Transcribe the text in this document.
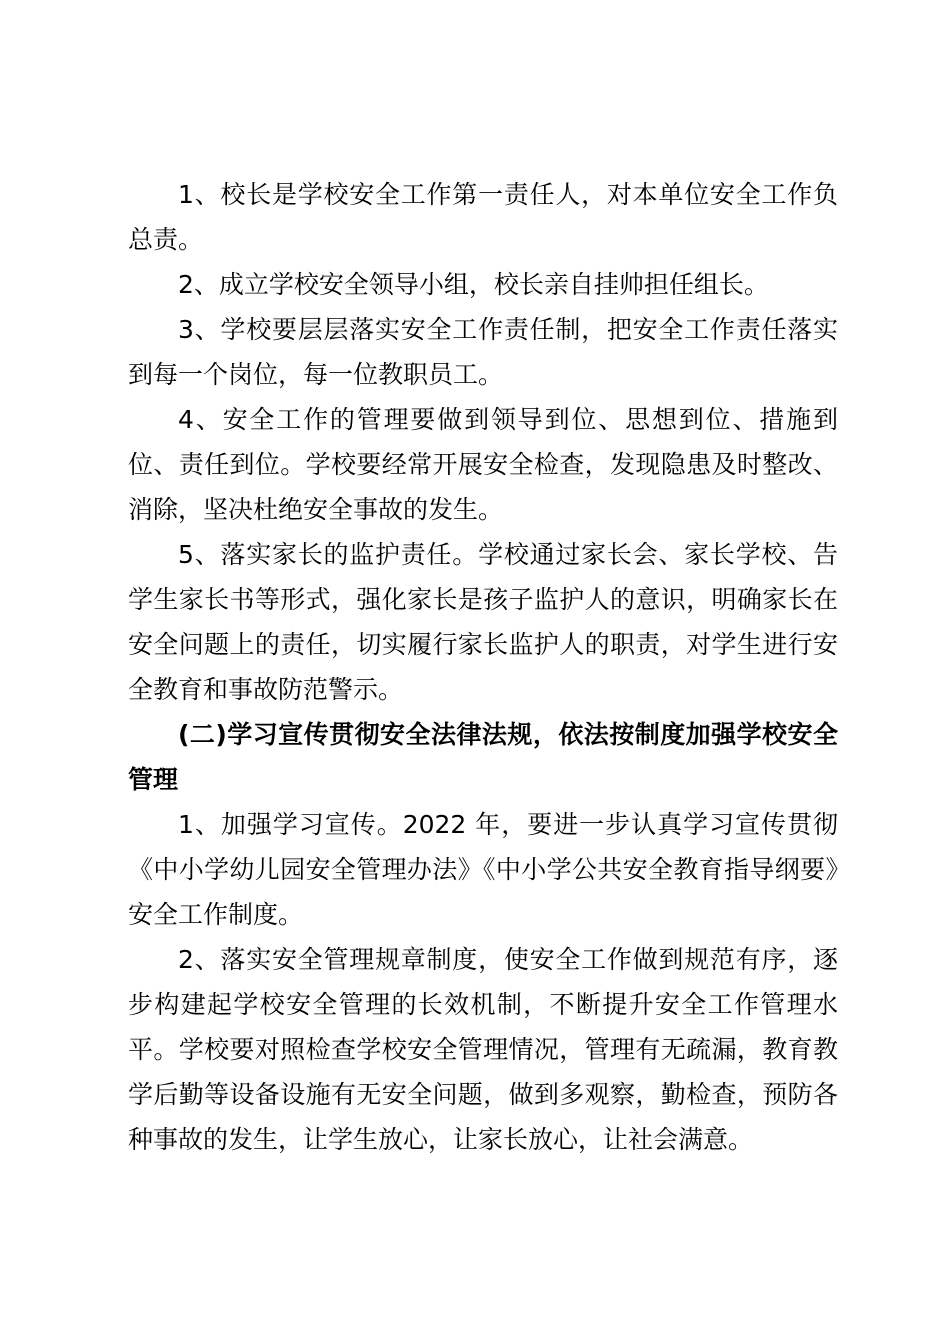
1、校长是学校安全工作第一责任人，对本单位安全工作负总责。

2、成立学校安全领导小组，校长亲自挂帅担任组长。

3、学校要层层落实安全工作责任制，把安全工作责任落实到每一个岗位，每一位教职员工。

4、安全工作的管理要做到领导到位、思想到位、措施到位、责任到位。学校要经常开展安全检查，发现隐患及时整改、消除，坚决杜绝安全事故的发生。

5、落实家长的监护责任。学校通过家长会、家长学校、告学生家长书等形式，强化家长是孩子监护人的意识，明确家长在安全问题上的责任，切实履行家长监护人的职责，对学生进行安全教育和事故防范警示。

(二)学习宣传贯彻安全法律法规，依法按制度加强学校安全管理

1、加强学习宣传。2022 年，要进一步认真学习宣传贯彻《中小学幼儿园安全管理办法》《中小学公共安全教育指导纲要》安全工作制度。

2、落实安全管理规章制度，使安全工作做到规范有序，逐步构建起学校安全管理的长效机制，不断提升安全工作管理水平。学校要对照检查学校安全管理情况，管理有无疏漏，教育教学后勤等设备设施有无安全问题，做到多观察，勤检查，预防各种事故的发生，让学生放心，让家长放心，让社会满意。
